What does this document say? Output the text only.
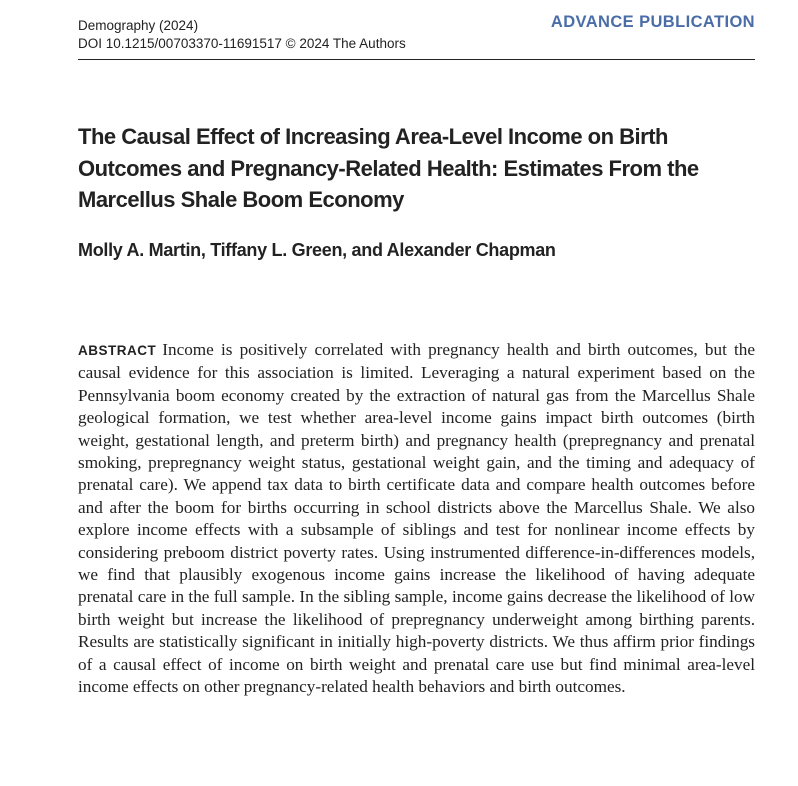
Demography (2024)
DOI 10.1215/00703370-11691517 © 2024 The Authors
ADVANCE PUBLICATION
The Causal Effect of Increasing Area-Level Income on Birth Outcomes and Pregnancy-Related Health: Estimates From the Marcellus Shale Boom Economy

Molly A. Martin, Tiffany L. Green, and Alexander Chapman

ABSTRACT Income is positively correlated with pregnancy health and birth outcomes, but the causal evidence for this association is limited. Leveraging a natural experiment based on the Pennsylvania boom economy created by the extraction of natural gas from the Marcellus Shale geological formation, we test whether area-level income gains impact birth outcomes (birth weight, gestational length, and preterm birth) and pregnancy health (prepregnancy and prenatal smoking, prepregnancy weight status, gestational weight gain, and the timing and adequacy of prenatal care). We append tax data to birth certificate data and compare health outcomes before and after the boom for births occurring in school districts above the Marcellus Shale. We also explore income effects with a subsample of siblings and test for nonlinear income effects by considering preboom district poverty rates. Using instrumented difference-in-differences models, we find that plausibly exogenous income gains increase the likelihood of having adequate prenatal care in the full sample. In the sibling sample, income gains decrease the likelihood of low birth weight but increase the likelihood of prepregnancy underweight among birthing parents. Results are statistically significant in initially high-poverty districts. We thus affirm prior findings of a causal effect of income on birth weight and prenatal care use but find minimal area-level income effects on other pregnancy-related health behaviors and birth outcomes.
